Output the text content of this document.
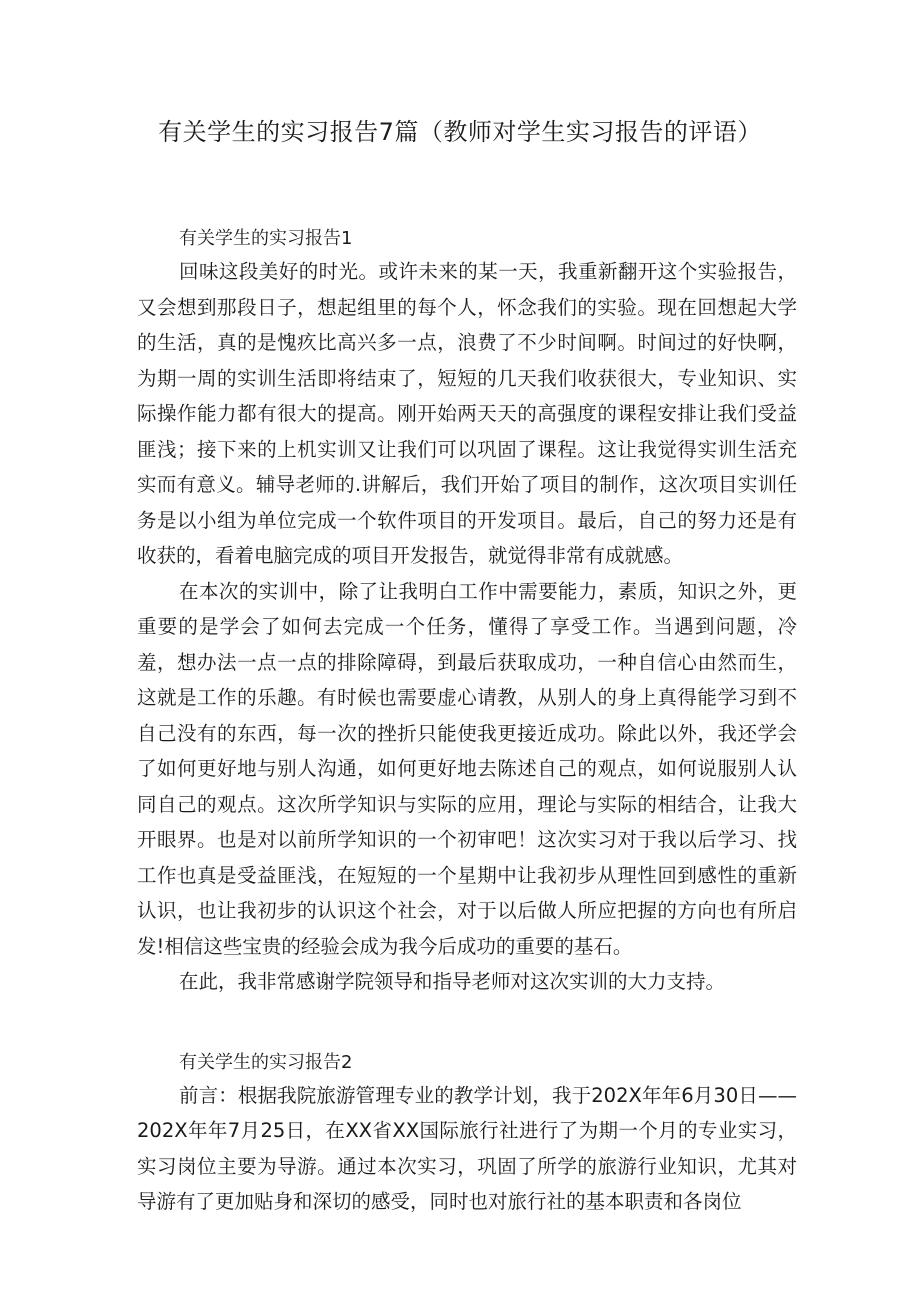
有关学生的实习报告7篇（教师对学生实习报告的评语）
有关学生的实习报告1

回味这段美好的时光。或许未来的某一天，我重新翻开这个实验报告，又会想到那段日子，想起组里的每个人，怀念我们的实验。现在回想起大学的生活，真的是愧疚比高兴多一点，浪费了不少时间啊。时间过的好快啊，为期一周的实训生活即将结束了，短短的几天我们收获很大，专业知识、实际操作能力都有很大的提高。刚开始两天天的高强度的课程安排让我们受益匪浅；接下来的上机实训又让我们可以巩固了课程。这让我觉得实训生活充实而有意义。辅导老师的.讲解后，我们开始了项目的制作，这次项目实训任务是以小组为单位完成一个软件项目的开发项目。最后，自己的努力还是有收获的，看着电脑完成的项目开发报告，就觉得非常有成就感。

在本次的实训中，除了让我明白工作中需要能力，素质，知识之外，更重要的是学会了如何去完成一个任务，懂得了享受工作。当遇到问题，冷羞，想办法一点一点的排除障碍，到最后获取成功，一种自信心由然而生，这就是工作的乐趣。有时候也需要虚心请教，从别人的身上真得能学习到不自己没有的东西，每一次的挫折只能使我更接近成功。除此以外，我还学会了如何更好地与别人沟通，如何更好地去陈述自己的观点，如何说服别人认同自己的观点。这次所学知识与实际的应用，理论与实际的相结合，让我大开眼界。也是对以前所学知识的一个初审吧！这次实习对于我以后学习、找工作也真是受益匪浅，在短短的一个星期中让我初步从理性回到感性的重新认识，也让我初步的认识这个社会，对于以后做人所应把握的方向也有所启发!相信这些宝贵的经验会成为我今后成功的重要的基石。

在此，我非常感谢学院领导和指导老师对这次实训的大力支持。

有关学生的实习报告2

前言：根据我院旅游管理专业的教学计划，我于202X年年6月30日——202X年年7月25日，在XX省XX国际旅行社进行了为期一个月的专业实习，实习岗位主要为导游。通过本次实习，巩固了所学的旅游行业知识，尤其对导游有了更加贴身和深切的感受，同时也对旅行社的基本职责和各岗位
